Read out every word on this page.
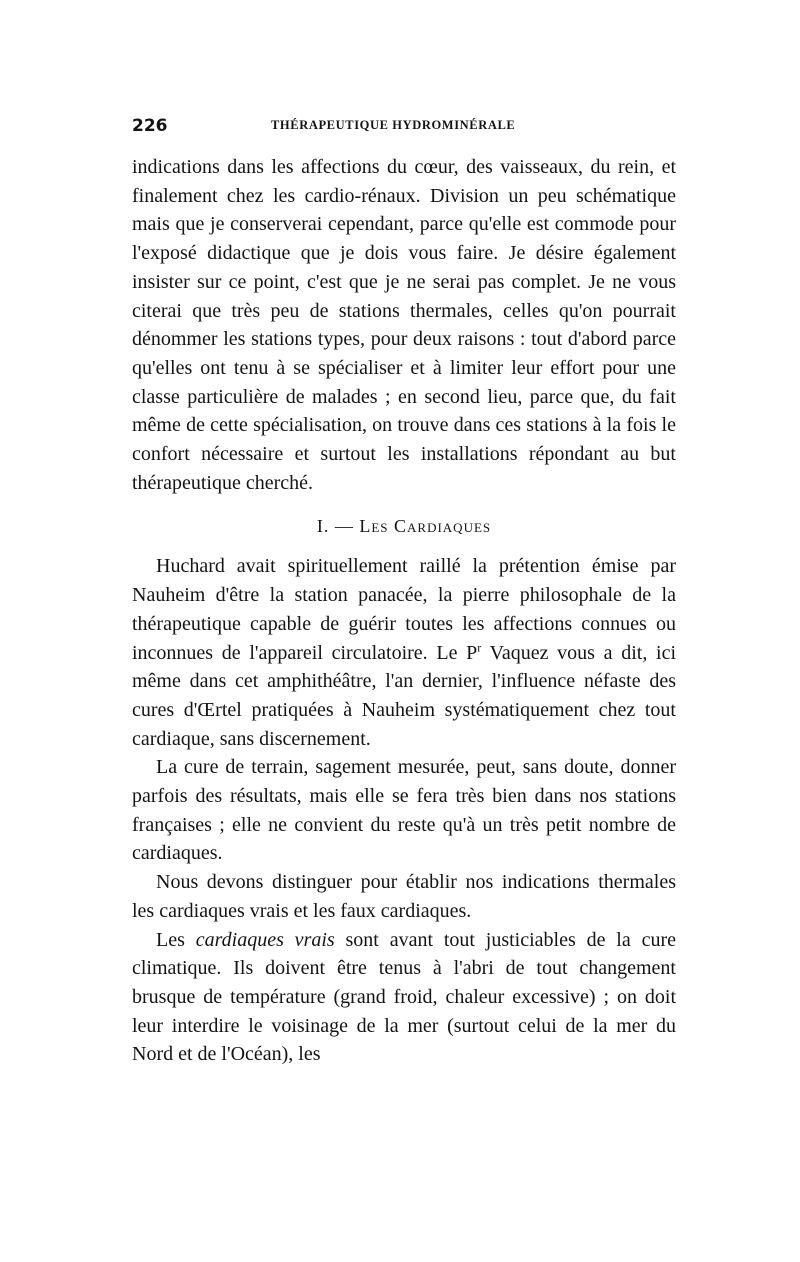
226	THÉRAPEUTIQUE HYDROMINÉRALE

indications dans les affections du cœur, des vaisseaux, du rein, et finalement chez les cardio-rénaux. Division un peu schématique mais que je conserverai cependant, parce qu'elle est commode pour l'exposé didactique que je dois vous faire. Je désire également insister sur ce point, c'est que je ne serai pas complet. Je ne vous citerai que très peu de stations thermales, celles qu'on pourrait dénommer les stations types, pour deux raisons : tout d'abord parce qu'elles ont tenu à se spécialiser et à limiter leur effort pour une classe particulière de malades ; en second lieu, parce que, du fait même de cette spécialisation, on trouve dans ces stations à la fois le confort nécessaire et surtout les installations répondant au but thérapeutique cherché.

I. — Les Cardiaques

Huchard avait spirituellement raillé la prétention émise par Nauheim d'être la station panacée, la pierre philosophale de la thérapeutique capable de guérir toutes les affections connues ou inconnues de l'appareil circulatoire. Le $P^r$ Vaquez vous a dit, ici même dans cet amphithéâtre, l'an dernier, l'influence néfaste des cures d'Œrtel pratiquées à Nauheim systématiquement chez tout cardiaque, sans discernement.

La cure de terrain, sagement mesurée, peut, sans doute, donner parfois des résultats, mais elle se fera très bien dans nos stations françaises ; elle ne convient du reste qu'à un très petit nombre de cardiaques.

Nous devons distinguer pour établir nos indications thermales les cardiaques vrais et les faux cardiaques.

Les cardiaques vrais sont avant tout justiciables de la cure climatique. Ils doivent être tenus à l'abri de tout changement brusque de température (grand froid, chaleur excessive) ; on doit leur interdire le voisinage de la mer (surtout celui de la mer du Nord et de l'Océan), les
